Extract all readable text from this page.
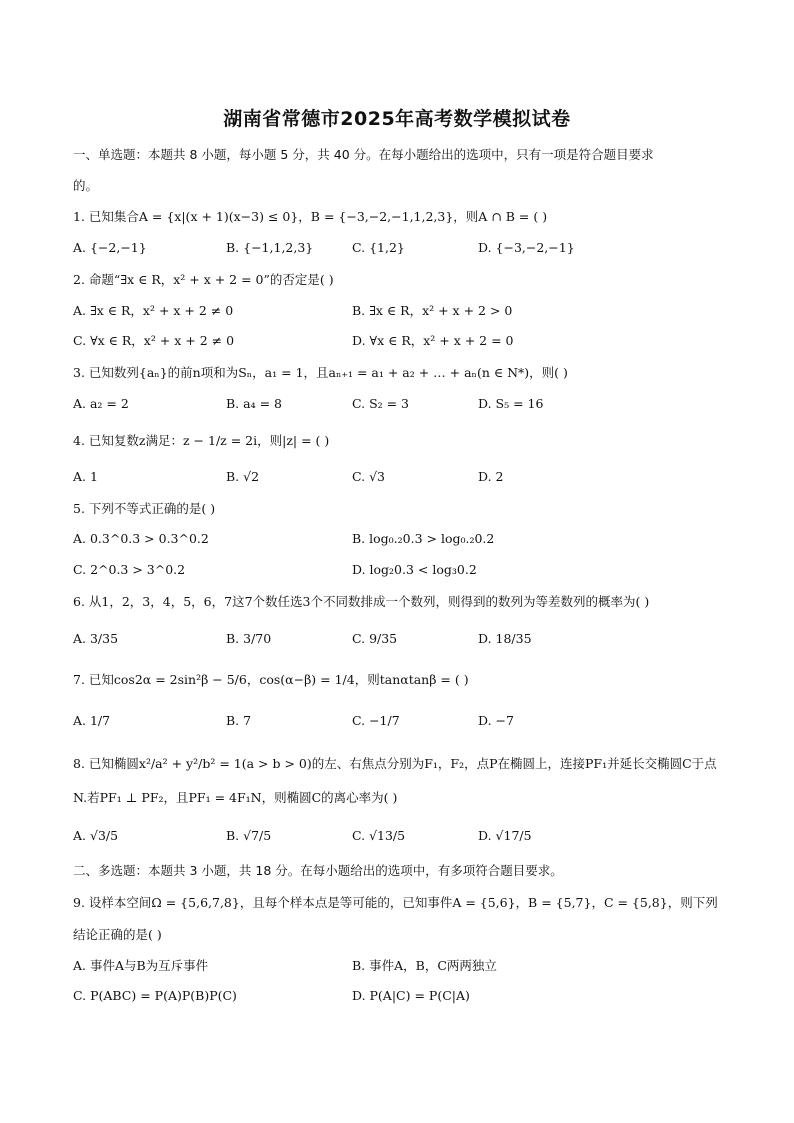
湖南省常德市2025年高考数学模拟试卷
一、单选题：本题共 8 小题，每小题 5 分，共 40 分。在每小题给出的选项中，只有一项是符合题目要求
的。
1. 已知集合A = {x|(x + 1)(x−3) ≤ 0}，B = {−3,−2,−1,1,2,3}，则A ∩ B = ( )
A. {−2,−1}	B. {−1,1,2,3}	C. {1,2}	D. {−3,−2,−1}
2. 命题“∃x ∈ R，x² + x + 2 = 0”的否定是( )
A. ∃x ∈ R，x² + x + 2 ≠ 0	B. ∃x ∈ R，x² + x + 2 > 0
C. ∀x ∈ R，x² + x + 2 ≠ 0	D. ∀x ∈ R，x² + x + 2 = 0
3. 已知数列{aₙ}的前n项和为Sₙ，a₁ = 1，且aₙ₊₁ = a₁ + a₂ + … + aₙ(n ∈ N*)，则( )
A. a₂ = 2	B. a₄ = 8	C. S₂ = 3	D. S₅ = 16
4. 已知复数z满足：z − 1/z = 2i，则|z| = ( )
A. 1	B. √2	C. √3	D. 2
5. 下列不等式正确的是( )
A. 0.3^0.3 > 0.3^0.2	B. log₀.₂0.3 > log₀.₂0.2
C. 2^0.3 > 3^0.2	D. log₂0.3 < log₃0.2
6. 从1，2，3，4，5，6，7这7个数任选3个不同数排成一个数列，则得到的数列为等差数列的概率为( )
A. 3/35	B. 3/70	C. 9/35	D. 18/35
7. 已知cos2α = 2sin²β − 5/6，cos(α−β) = 1/4，则tanαtanβ = ( )
A. 1/7	B. 7	C. −1/7	D. −7
8. 已知椭圆x²/a² + y²/b² = 1(a > b > 0)的左、右焦点分别为F₁，F₂，点P在椭圆上，连接PF₁并延长交椭圆C于点
N.若PF₁ ⊥ PF₂，且PF₁ = 4F₁N，则椭圆C的离心率为( )
A. √3/5	B. √7/5	C. √13/5	D. √17/5
二、多选题：本题共 3 小题，共 18 分。在每小题给出的选项中，有多项符合题目要求。
9. 设样本空间Ω = {5,6,7,8}，且每个样本点是等可能的，已知事件A = {5,6}，B = {5,7}，C = {5,8}，则下列
结论正确的是( )
A. 事件A与B为互斥事件	B. 事件A，B，C两两独立
C. P(ABC) = P(A)P(B)P(C)	D. P(A|C) = P(C|A)
